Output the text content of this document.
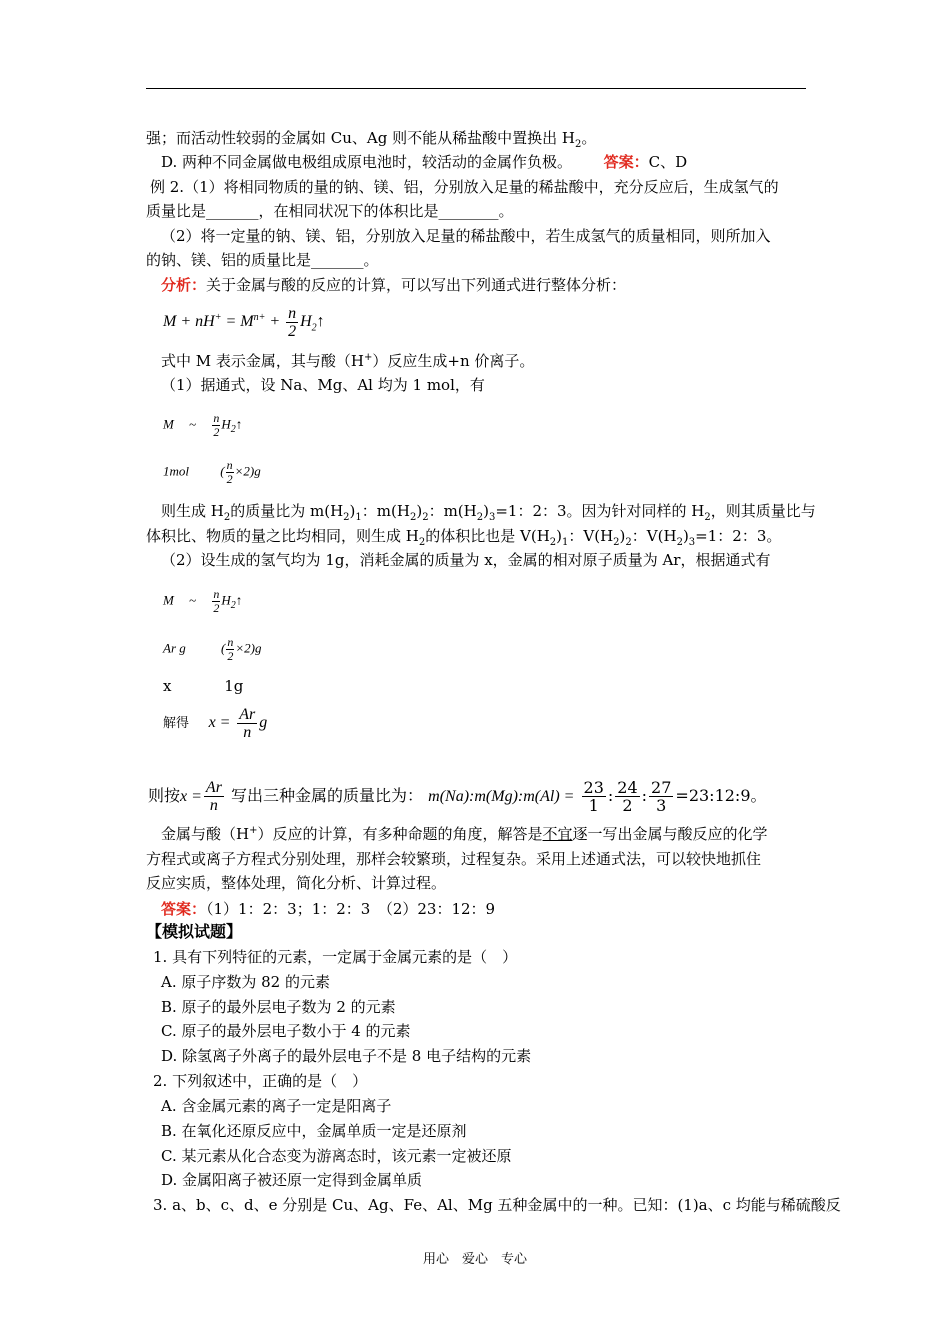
强；而活动性较弱的金属如 Cu、Ag 则不能从稀盐酸中置换出 $H_2$。
D. 两种不同金属做电极组成原电池时，较活动的金属作负极。 答案：C、D
例 2.（1）将相同物质的量的钠、镁、铝，分别放入足量的稀盐酸中，充分反应后，生成氢气的
质量比是_______，在相同状况下的体积比是________。
（2）将一定量的钠、镁、铝，分别放入足量的稀盐酸中，若生成氢气的质量相同，则所加入
的钠、镁、铝的质量比是_______。
分析：关于金属与酸的反应的计算，可以写出下列通式进行整体分析：
$M + nH^+ = M^{n+} + \frac{n}{2}$ $H_2↑$
式中 M 表示金属，其与酸（H+）反应生成+n 价离子。
（1）据通式，设 Na、Mg、Al 均为 1 mol，有
M ~ $\frac{n}{2}$ $H_2↑$
1mol ( $\frac{n}{2} \times 2)g$
则生成 $H_2$的质量比为 $m(H_2)_1$：$m(H_2)_2$：$m(H_2)_3=1$：2：3。因为针对同样的 $H_2$，则其质量比与
体积比、物质的量之比均相同，则生成 $H_2$的体积比也是 $V(H_2)_1$：$V(H_2)_2$：$V(H_2)_3=1$：2：3。
（2）设生成的氢气均为 1g，消耗金属的质量为 x，金属的相对原子质量为 Ar，根据通式有
M ~ $\frac{n}{2}$ $H_2↑$
Ar g	( $\frac{n}{2} \times 2)g$
x	1g
解得 $x = \frac{Ar}{n}$ g
则按$x = \frac{Ar}{n}$ 写出三种金属的质量比为： m(Na):m(Mg):m(Al) = $\frac{23}{1}$ : $\frac{24}{2}$ : $\frac{27}{3}$ =23:12:9。
金属与酸（H+）反应的计算，有多种命题的角度，解答是不宜逐一写出金属与酸反应的化学
方程式或离子方程式分别处理，那样会较繁琐，过程复杂。采用上述通式法，可以较快地抓住
反应实质，整体处理，简化分析、计算过程。
答案：（1）1：2：3；1：2：3　（2）23：12：9
【模拟试题】
1. 具有下列特征的元素，一定属于金属元素的是（　）
A. 原子序数为 82 的元素
B. 原子的最外层电子数为 2 的元素
C. 原子的最外层电子数小于 4 的元素
D. 除氢离子外离子的最外层电子不是 8 电子结构的元素
2. 下列叙述中，正确的是（　）
A. 含金属元素的离子一定是阳离子
B. 在氧化还原反应中，金属单质一定是还原剂
C. 某元素从化合态变为游离态时，该元素一定被还原
D. 金属阳离子被还原一定得到金属单质
3. a、b、c、d、e 分别是 Cu、Ag、Fe、Al、Mg 五种金属中的一种。已知：(1)a、c 均能与稀硫酸反
用心　爱心　专心
